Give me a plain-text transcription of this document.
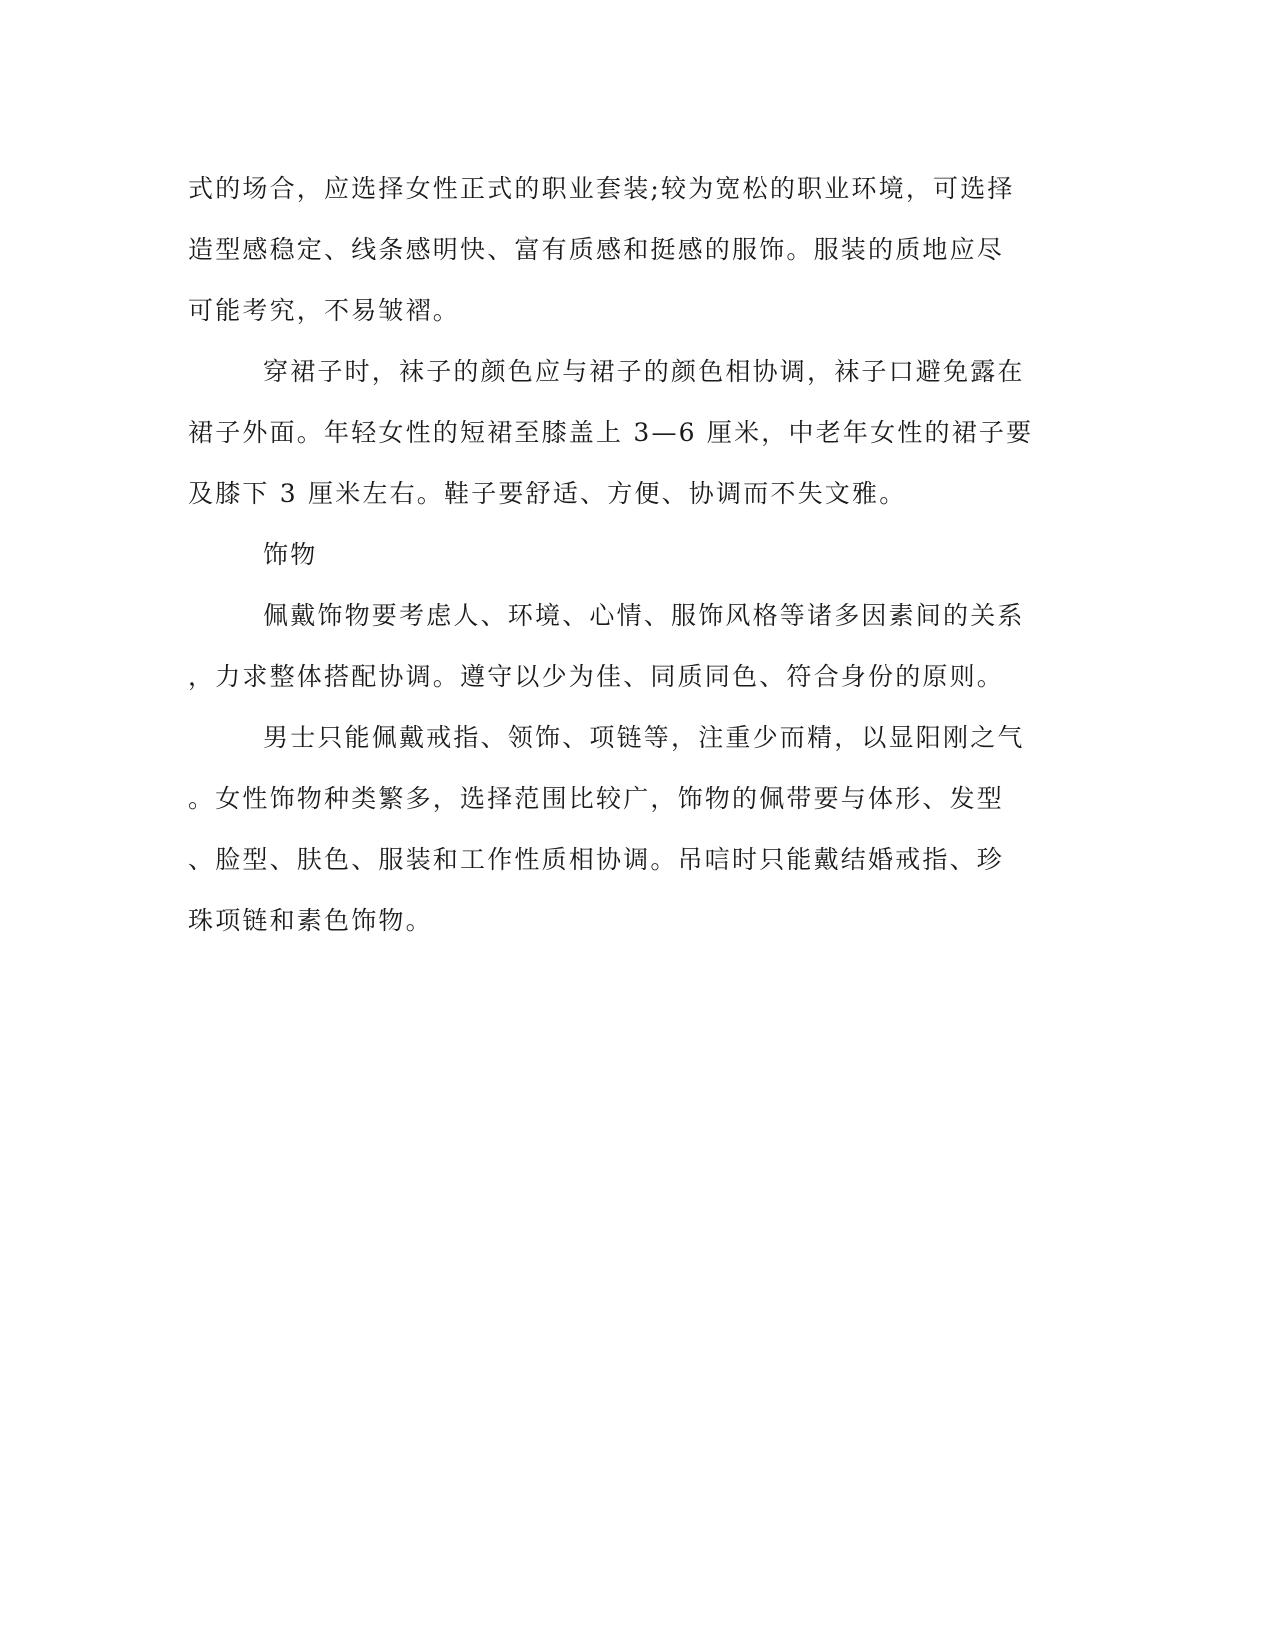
式的场合，应选择女性正式的职业套装;较为宽松的职业环境，可选择
造型感稳定、线条感明快、富有质感和挺感的服饰。服装的质地应尽
可能考究，不易皱褶。
穿裙子时，袜子的颜色应与裙子的颜色相协调，袜子口避免露在
裙子外面。年轻女性的短裙至膝盖上 3—6 厘米，中老年女性的裙子要
及膝下 3 厘米左右。鞋子要舒适、方便、协调而不失文雅。
饰物
佩戴饰物要考虑人、环境、心情、服饰风格等诸多因素间的关系
，力求整体搭配协调。遵守以少为佳、同质同色、符合身份的原则。
男士只能佩戴戒指、领饰、项链等，注重少而精，以显阳刚之气
。女性饰物种类繁多，选择范围比较广，饰物的佩带要与体形、发型
、脸型、肤色、服装和工作性质相协调。吊唁时只能戴结婚戒指、珍
珠项链和素色饰物。
